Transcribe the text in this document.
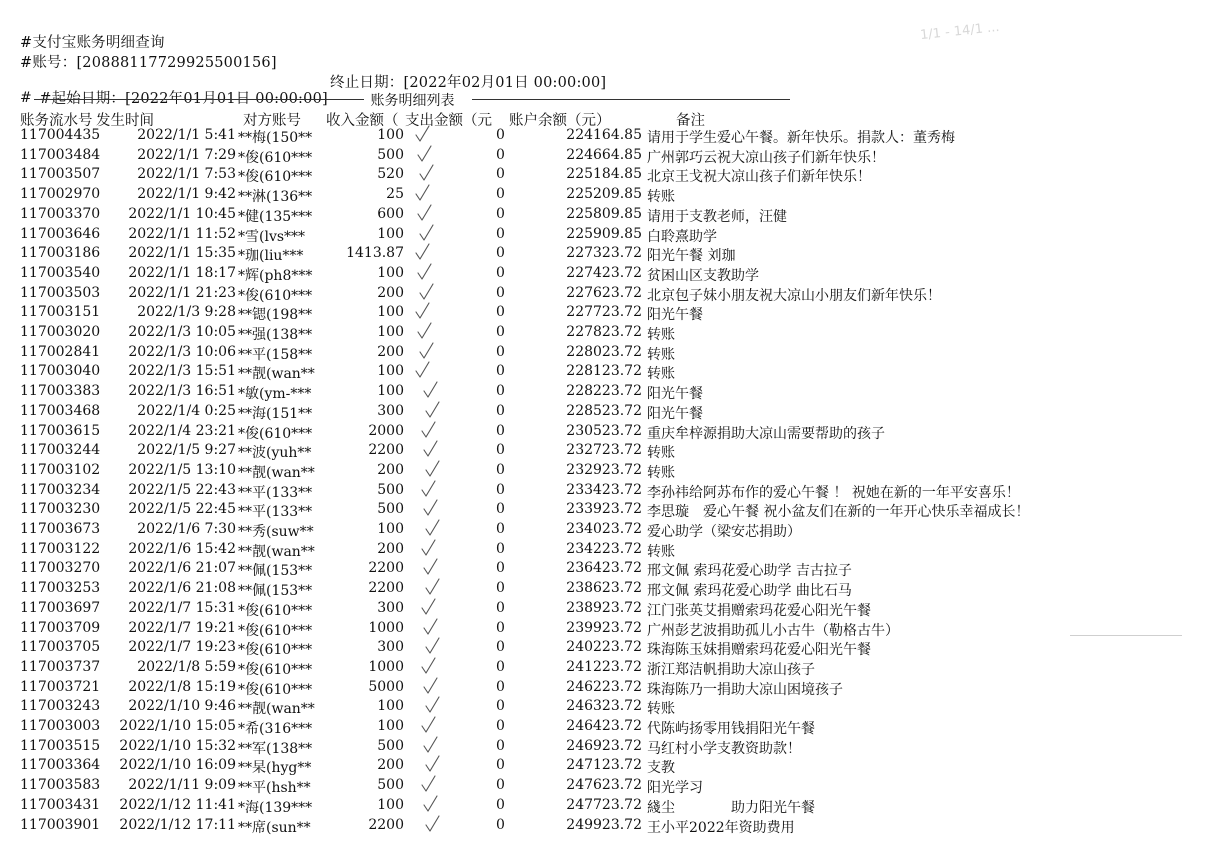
1/1 - 14/1 ...
#支付宝账务明细查询
#账号：[20888117729925500156]

#起始日期：[2022年01月01日 00:00:00]

终止日期：[2022年02月01日 00:00:00]

#	账务明细列表
账务流水号 发生时间	对方账号 收入金额（ 支出金额（元 账户余额（元）	备注
117004435	2022/1/1 5:41 **梅(150**	100	0	224164.85 请用于学生爱心午餐。新年快乐。捐款人：董秀梅
117003484	2022/1/1 7:29 *俊(610***	500	0	224664.85 广州郭巧云祝大凉山孩子们新年快乐！
117003507	2022/1/1 7:53 *俊(610***	520	0	225184.85 北京王戈祝大凉山孩子们新年快乐！
117002970	2022/1/1 9:42 **淋(136**	25	0	225209.85 转账
117003370 2022/1/1 10:45 *健(135***	600	0	225809.85 请用于支教老师，汪健
117003646 2022/1/1 11:52 *雪(lvs***	100	0	225909.85 白聆熹助学
117003186 2022/1/1 15:35 *珈(liu***	1413.87	0	227323.72 阳光午餐 刘珈
117003540 2022/1/1 18:17 *辉(ph8***	100	0	227423.72 贫困山区支教助学
117003503 2022/1/1 21:23 *俊(610***	200	0	227623.72 北京包子妹小朋友祝大凉山小朋友们新年快乐！
117003151	2022/1/3 9:28 **锶(198**	100	0	227723.72 阳光午餐
117003020 2022/1/3 10:05 **强(138**	100	0	227823.72 转账
117002841 2022/1/3 10:06 **平(158**	200	0	228023.72 转账
117003040 2022/1/3 15:51 **靓(wan**	100	0	228123.72 转账
117003383 2022/1/3 16:51 *敏(ym-***	100	0	228223.72 阳光午餐
117003468	2022/1/4 0:25 **海(151**	300	0	228523.72 阳光午餐
117003615 2022/1/4 23:21 *俊(610***	2000	0	230523.72 重庆牟梓源捐助大凉山需要帮助的孩子
117003244	2022/1/5 9:27 **波(yuh**	2200	0	232723.72 转账
117003102 2022/1/5 13:10 **靓(wan**	200	0	232923.72 转账
117003234 2022/1/5 22:43 **平(133**	500	0	233423.72 李孙祎给阿苏布作的爱心午餐 ！ 祝她在新的一年平安喜乐！
117003230 2022/1/5 22:45 **平(133**	500	0	233923.72 李思璇　爱心午餐 祝小盆友们在新的一年开心快乐幸福成长！
117003673	2022/1/6 7:30 **秀(suw**	100	0	234023.72 爱心助学（梁安芯捐助）
117003122 2022/1/6 15:42 **靓(wan**	200	0	234223.72 转账
117003270 2022/1/6 21:07 **佩(153**	2200	0	236423.72 邢文佩 索玛花爱心助学 吉古拉子
117003253 2022/1/6 21:08 **佩(153**	2200	0	238623.72 邢文佩 索玛花爱心助学 曲比石马
117003697 2022/1/7 15:31 *俊(610***	300	0	238923.72 江门张英艾捐赠索玛花爱心阳光午餐
117003709 2022/1/7 19:21 *俊(610***	1000	0	239923.72 广州彭艺波捐助孤儿小古牛（勒格古牛）
117003705 2022/1/7 19:23 *俊(610***	300	0	240223.72 珠海陈玉妹捐赠索玛花爱心阳光午餐
117003737	2022/1/8 5:59 *俊(610***	1000	0	241223.72 浙江郑洁帆捐助大凉山孩子
117003721 2022/1/8 15:19 *俊(610***	5000	0	246223.72 珠海陈乃一捐助大凉山困境孩子
117003243 2022/1/10 9:46 **靓(wan**	100	0	246323.72 转账
117003003 2022/1/10 15:05 *希(316***	100	0	246423.72 代陈屿扬零用钱捐阳光午餐
117003515 2022/1/10 15:32 **军(138**	500	0	246923.72 马红村小学支教资助款！
117003364 2022/1/10 16:09 **杲(hyg**	200	0	247123.72 支教
117003583 2022/1/11 9:09 **平(hsh**	500	0	247623.72 阳光学习
117003431 2022/1/12 11:41 *海(139***	100	0	247723.72 綫尘　　　　助力阳光午餐
117003901 2022/1/12 17:11 **席(sun**	2200	0	249923.72 王小平2022年资助费用
